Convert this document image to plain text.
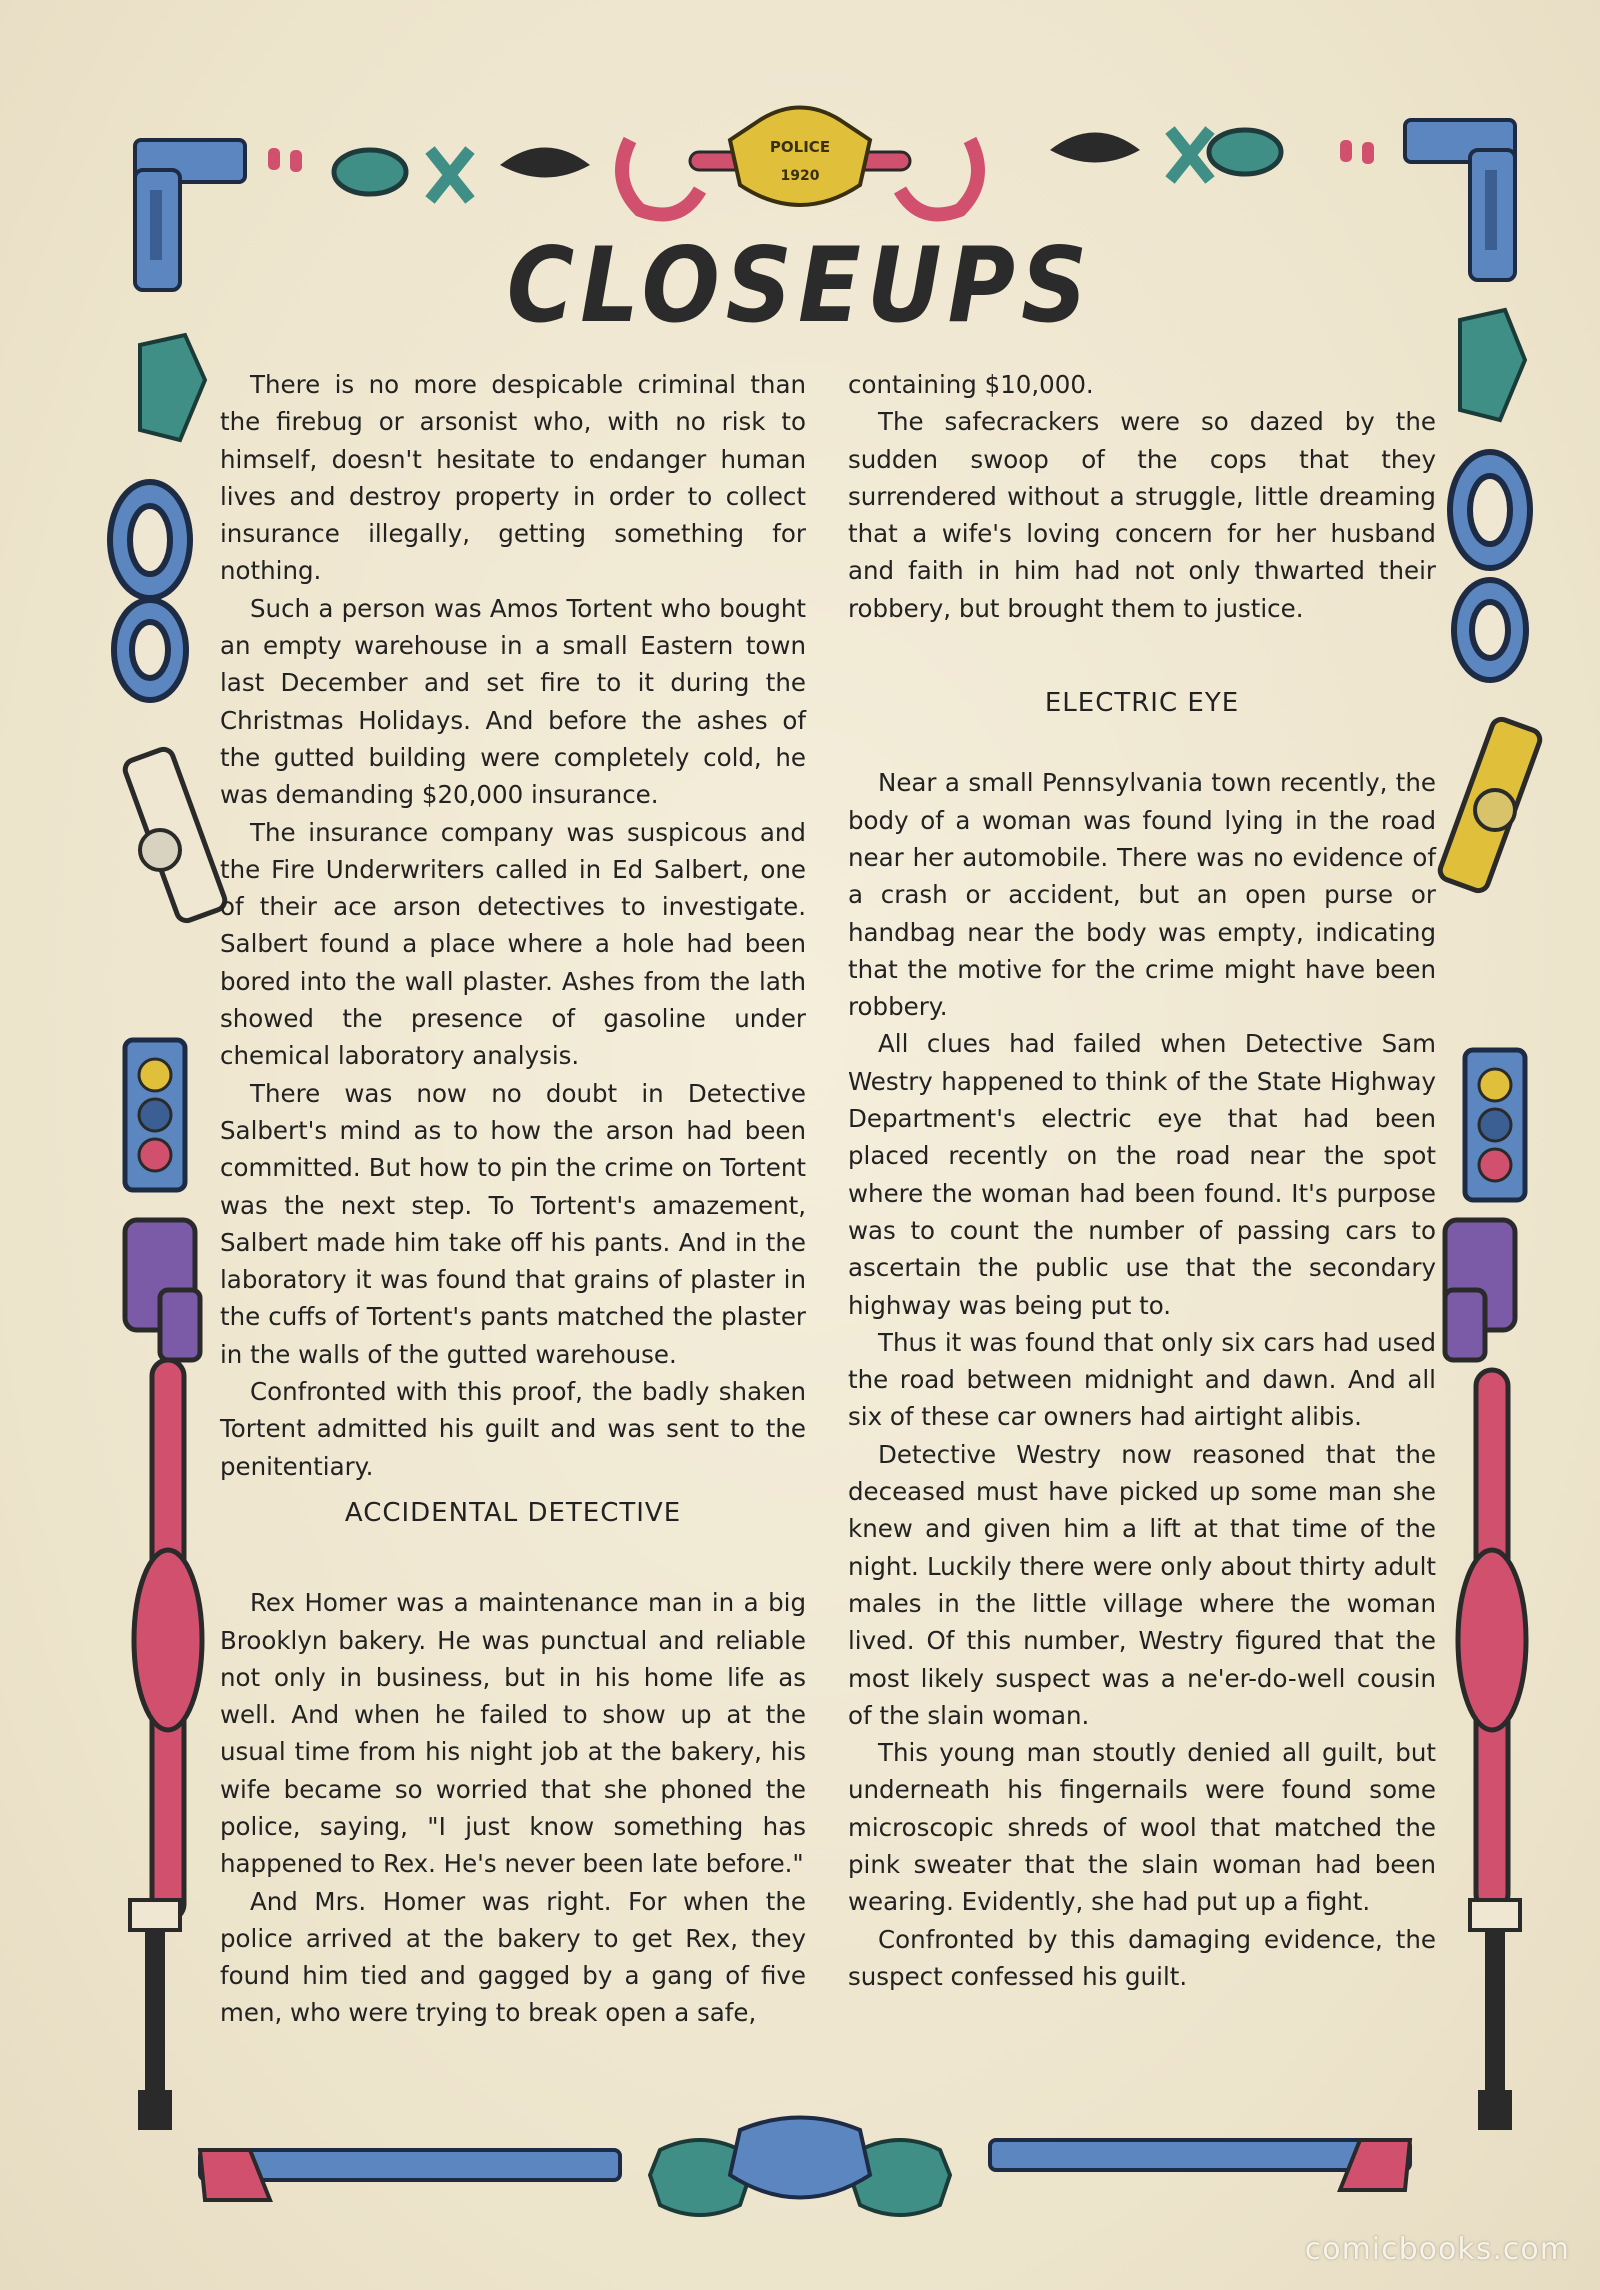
POLICE
1920
CLOSEUPS

There is no more despicable criminal than the firebug or arsonist who, with no risk to himself, doesn't hesitate to endanger human lives and destroy property in order to collect insurance illegally, getting something for nothing.

Such a person was Amos Tortent who bought an empty warehouse in a small Eastern town last December and set fire to it during the Christmas Holidays. And before the ashes of the gutted building were completely cold, he was demanding $20,000 insurance.

The insurance company was suspicous and the Fire Underwriters called in Ed Salbert, one of their ace arson detectives to investigate. Salbert found a place where a hole had been bored into the wall plaster. Ashes from the lath showed the presence of gasoline under chemical laboratory analysis.

There was now no doubt in Detective Salbert's mind as to how the arson had been committed. But how to pin the crime on Tortent was the next step. To Tortent's amazement, Salbert made him take off his pants. And in the laboratory it was found that grains of plaster in the cuffs of Tortent's pants matched the plaster in the walls of the gutted warehouse.

Confronted with this proof, the badly shaken Tortent admitted his guilt and was sent to the penitentiary.

ACCIDENTAL DETECTIVE

Rex Homer was a maintenance man in a big Brooklyn bakery. He was punctual and reliable not only in business, but in his home life as well. And when he failed to show up at the usual time from his night job at the bakery, his wife became so worried that she phoned the police, saying, "I just know something has happened to Rex. He's never been late before."

And Mrs. Homer was right. For when the police arrived at the bakery to get Rex, they found him tied and gagged by a gang of five men, who were trying to break open a safe,

containing $10,000.

The safecrackers were so dazed by the sudden swoop of the cops that they surrendered without a struggle, little dreaming that a wife's loving concern for her husband and faith in him had not only thwarted their robbery, but brought them to justice.

ELECTRIC EYE

Near a small Pennsylvania town recently, the body of a woman was found lying in the road near her automobile. There was no evidence of a crash or accident, but an open purse or handbag near the body was empty, indicating that the motive for the crime might have been robbery.

All clues had failed when Detective Sam Westry happened to think of the State Highway Department's electric eye that had been placed recently on the road near the spot where the woman had been found. It's purpose was to count the number of passing cars to ascertain the public use that the secondary highway was being put to.

Thus it was found that only six cars had used the road between midnight and dawn. And all six of these car owners had airtight alibis.

Detective Westry now reasoned that the deceased must have picked up some man she knew and given him a lift at that time of the night. Luckily there were only about thirty adult males in the little village where the woman lived. Of this number, Westry figured that the most likely suspect was a ne'er-do-well cousin of the slain woman.

This young man stoutly denied all guilt, but underneath his fingernails were found some microscopic shreds of wool that matched the pink sweater that the slain woman had been wearing. Evidently, she had put up a fight.

Confronted by this damaging evidence, the suspect confessed his guilt.

comicbooks.com
